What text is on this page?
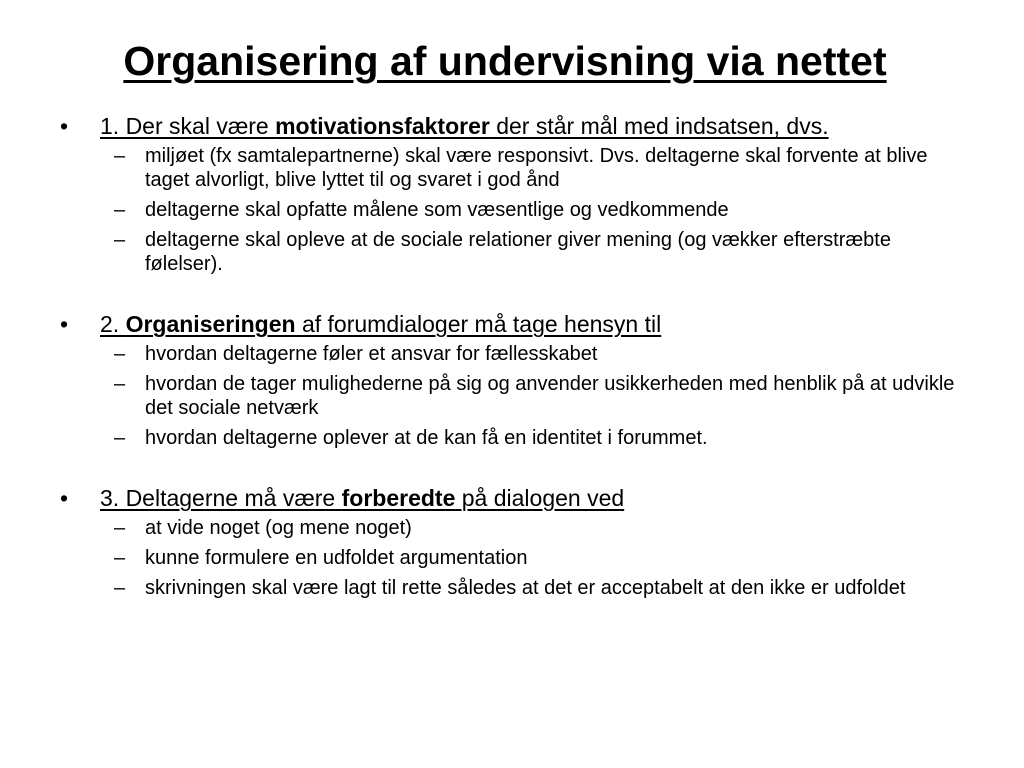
Organisering af undervisning via nettet
•	1. Der skal være motivationsfaktorer der står mål med indsatsen, dvs.
– miljøet (fx samtalepartnerne) skal være responsivt. Dvs. deltagerne skal forvente at blive taget alvorligt, blive lyttet til og svaret i god ånd
– deltagerne skal opfatte målene som væsentlige og vedkommende
– deltagerne skal opleve at de sociale relationer giver mening (og vækker efterstræbte følelser).
•	2. Organiseringen af forumdialoger må tage hensyn til
– hvordan deltagerne føler et ansvar for fællesskabet
– hvordan de tager mulighederne på sig og anvender usikkerheden med henblik på at udvikle det sociale netværk
– hvordan deltagerne oplever at de kan få en identitet i forummet.
•	3. Deltagerne må være forberedte på dialogen ved
– at vide noget (og mene noget)
– kunne formulere en udfoldet argumentation
– skrivningen skal være lagt til rette således at det er acceptabelt at den ikke er udfoldet
